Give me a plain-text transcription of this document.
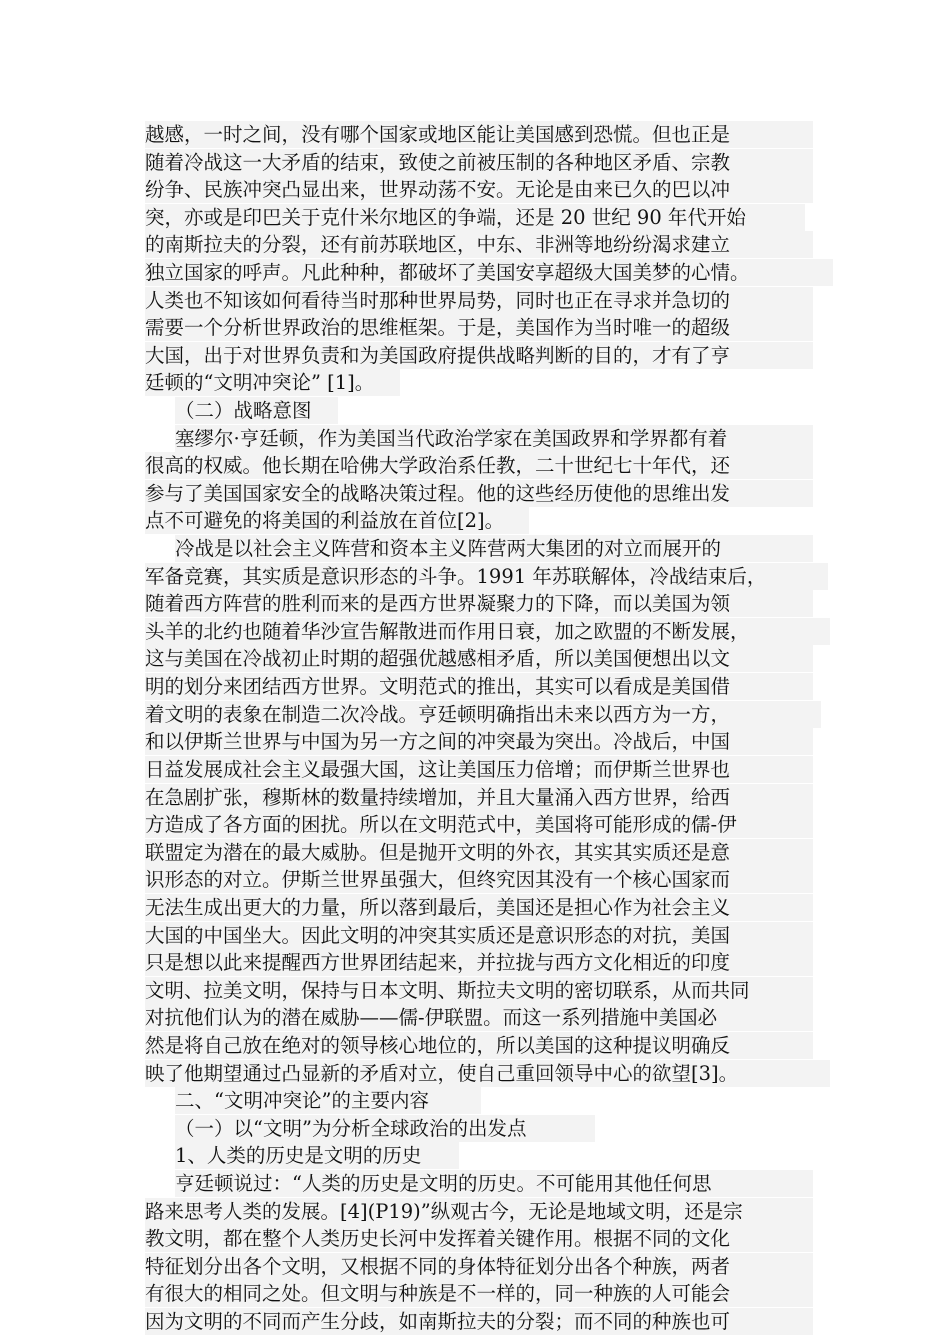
越感，一时之间，没有哪个国家或地区能让美国感到恐慌。但也正是
随着冷战这一大矛盾的结束，致使之前被压制的各种地区矛盾、宗教
纷争、民族冲突凸显出来，世界动荡不安。无论是由来已久的巴以冲
突，亦或是印巴关于克什米尔地区的争端，还是 20 世纪 90 年代开始
的南斯拉夫的分裂，还有前苏联地区，中东、非洲等地纷纷渴求建立
独立国家的呼声。凡此种种，都破坏了美国安享超级大国美梦的心情。
人类也不知该如何看待当时那种世界局势，同时也正在寻求并急切的
需要一个分析世界政治的思维框架。于是，美国作为当时唯一的超级
大国，出于对世界负责和为美国政府提供战略判断的目的，才有了亨
廷顿的“文明冲突论” [1]。
（二）战略意图
塞缪尔·亨廷顿，作为美国当代政治学家在美国政界和学界都有着
很高的权威。他长期在哈佛大学政治系任教，二十世纪七十年代，还
参与了美国国家安全的战略决策过程。他的这些经历使他的思维出发
点不可避免的将美国的利益放在首位[2]。
冷战是以社会主义阵营和资本主义阵营两大集团的对立而展开的
军备竞赛，其实质是意识形态的斗争。1991 年苏联解体，冷战结束后，
随着西方阵营的胜利而来的是西方世界凝聚力的下降，而以美国为领
头羊的北约也随着华沙宣告解散进而作用日衰，加之欧盟的不断发展，
这与美国在冷战初止时期的超强优越感相矛盾，所以美国便想出以文
明的划分来团结西方世界。文明范式的推出，其实可以看成是美国借
着文明的表象在制造二次冷战。亨廷顿明确指出未来以西方为一方，
和以伊斯兰世界与中国为另一方之间的冲突最为突出。冷战后，中国
日益发展成社会主义最强大国，这让美国压力倍增；而伊斯兰世界也
在急剧扩张，穆斯林的数量持续增加，并且大量涌入西方世界，给西
方造成了各方面的困扰。所以在文明范式中，美国将可能形成的儒-伊
联盟定为潜在的最大威胁。但是抛开文明的外衣，其实其实质还是意
识形态的对立。伊斯兰世界虽强大，但终究因其没有一个核心国家而
无法生成出更大的力量，所以落到最后，美国还是担心作为社会主义
大国的中国坐大。因此文明的冲突其实质还是意识形态的对抗，美国
只是想以此来提醒西方世界团结起来，并拉拢与西方文化相近的印度
文明、拉美文明，保持与日本文明、斯拉夫文明的密切联系，从而共同
对抗他们认为的潜在威胁——儒-伊联盟。而这一系列措施中美国必
然是将自己放在绝对的领导核心地位的，所以美国的这种提议明确反
映了他期望通过凸显新的矛盾对立，使自己重回领导中心的欲望[3]。
二、“文明冲突论”的主要内容
（一）以“文明”为分析全球政治的出发点
1、人类的历史是文明的历史
亨廷顿说过：“人类的历史是文明的历史。不可能用其他任何思
路来思考人类的发展。[4](P19)”纵观古今，无论是地域文明，还是宗
教文明，都在整个人类历史长河中发挥着关键作用。根据不同的文化
特征划分出各个文明，又根据不同的身体特征划分出各个种族，两者
有很大的相同之处。但文明与种族是不一样的，同一种族的人可能会
因为文明的不同而产生分歧，如南斯拉夫的分裂；而不同的种族也可
